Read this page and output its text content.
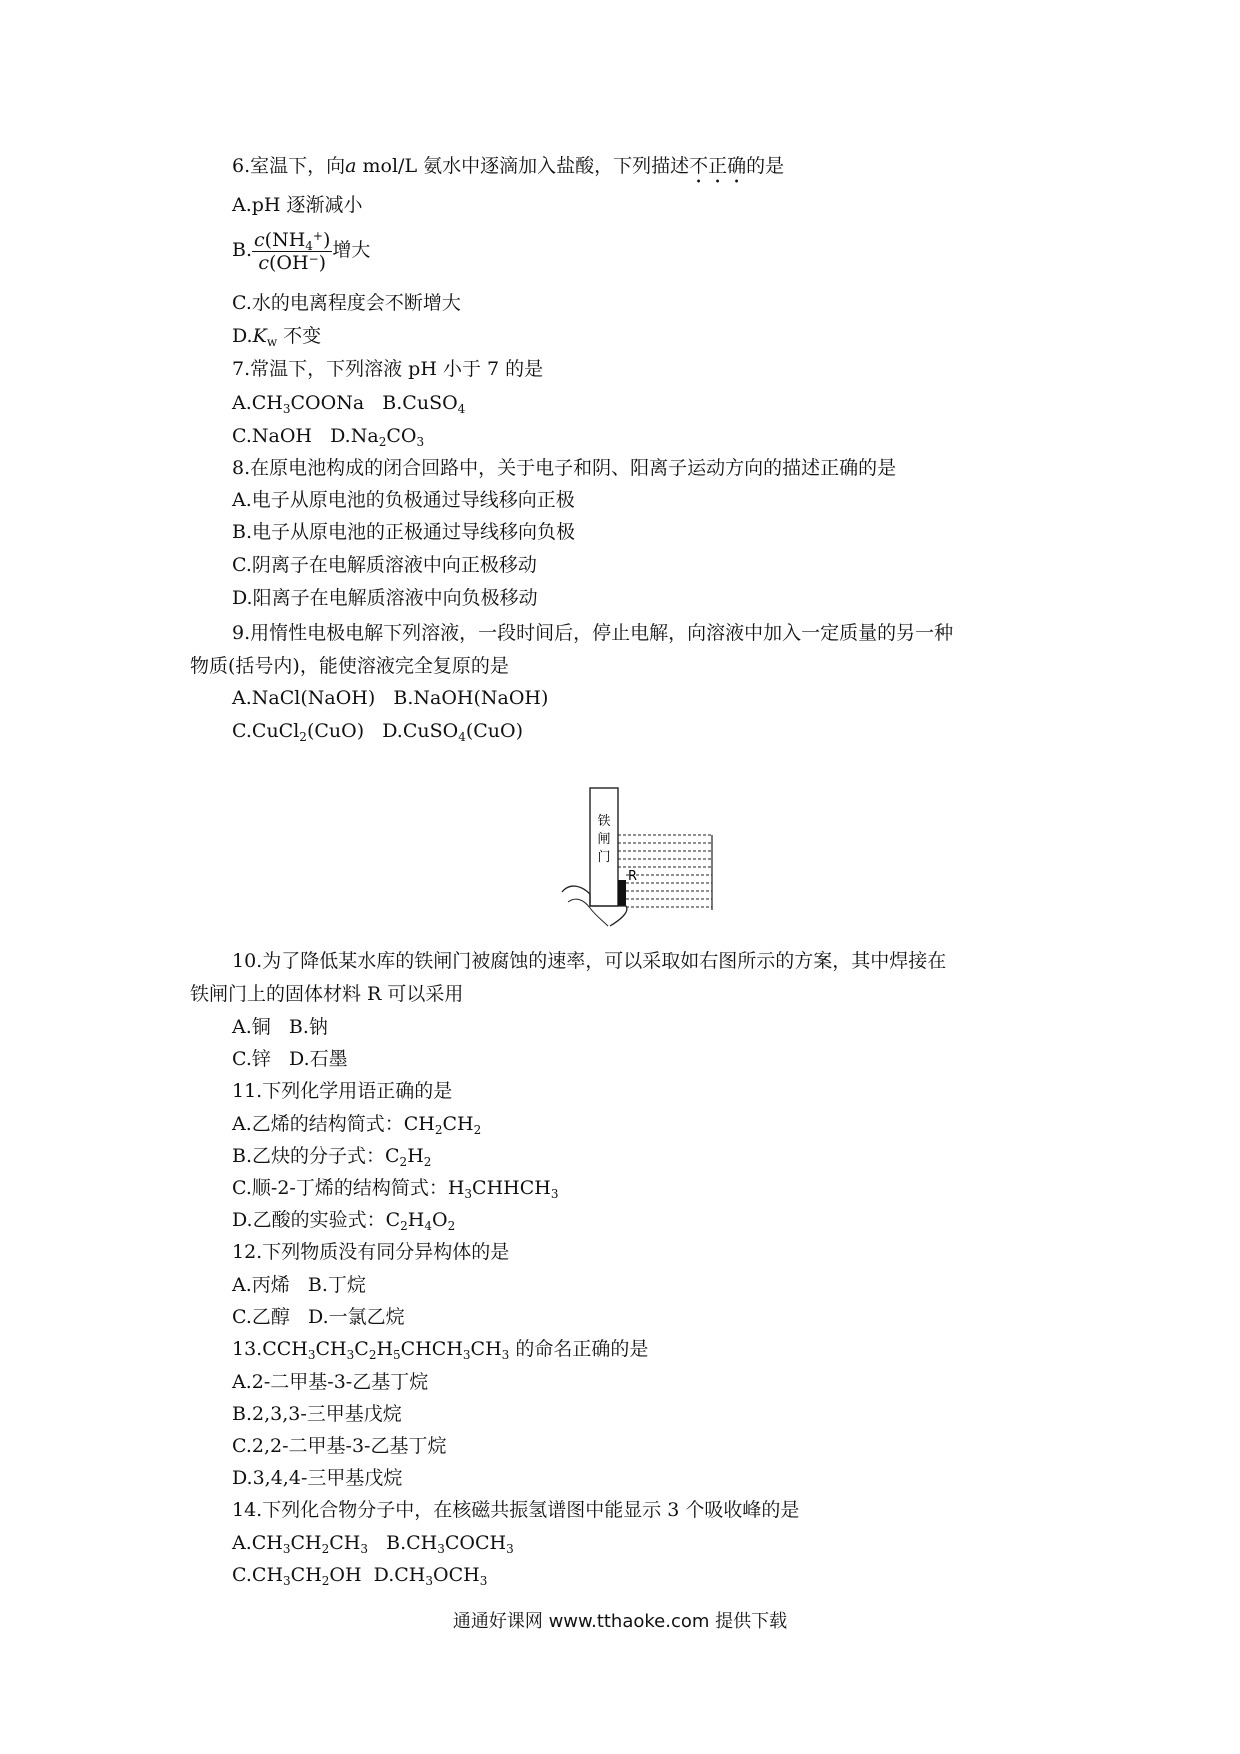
6.室温下，向a mol/L 氨水中逐滴加入盐酸，下列描述不正确的是
A.pH 逐渐减小
B. $\frac{c(NH_4^+)}{c(OH^-)}$ 增大
C.水的电离程度会不断增大
$D.K_w$ 不变
7.常温下，下列溶液 pH 小于 7 的是
$A.CH_3COONa$ B.CuSO$_4$
C.NaOH $D.Na_2CO_3$
8.在原电池构成的闭合回路中，关于电子和阴、阳离子运动方向的描述正确的是
A.电子从原电池的负极通过导线移向正极
B.电子从原电池的正极通过导线移向负极
C.阴离子在电解质溶液中向正极移动
D.阳离子在电解质溶液中向负极移动
9.用惰性电极电解下列溶液，一段时间后，停止电解，向溶液中加入一定质量的另一种
物质(括号内)，能使溶液完全复原的是
A.NaCl(NaOH) B.NaOH(NaOH)
C.CuCl$_2$(CuO) D.CuSO$_4$(CuO)
铁
闸
门
R
10.为了降低某水库的铁闸门被腐蚀的速率，可以采取如右图所示的方案，其中焊接在
铁闸门上的固体材料 R 可以采用
A.铜 B.钠
C.锌 D.石墨
11.下列化学用语正确的是
A.乙烯的结构简式：$CH_2CH_2$
B.乙炔的分子式：$C_2H_2$
C.顺-2-丁烯的结构简式：$H_3CHHCH_3$
D.乙酸的实验式：$C_2H_4O_2$
12.下列物质没有同分异构体的是
A.丙烯 B.丁烷
C.乙醇 D.一氯乙烷
$13.CCH_3CH_3C_2H_5CHCH_3CH_3$ 的命名正确的是
A.2-二甲基-3-乙基丁烷
B.2,3,3-三甲基戊烷
C.2,2-二甲基-3-乙基丁烷
D.3,4,4-三甲基戊烷
14.下列化合物分子中，在核磁共振氢谱图中能显示 3 个吸收峰的是
$A.CH_3CH_2CH_3$ $B.CH_3COCH_3$
$C.CH_3CH_2OH$ $D.CH_3OCH_3$
通通好课网 www.tthaoke.com 提供下载
